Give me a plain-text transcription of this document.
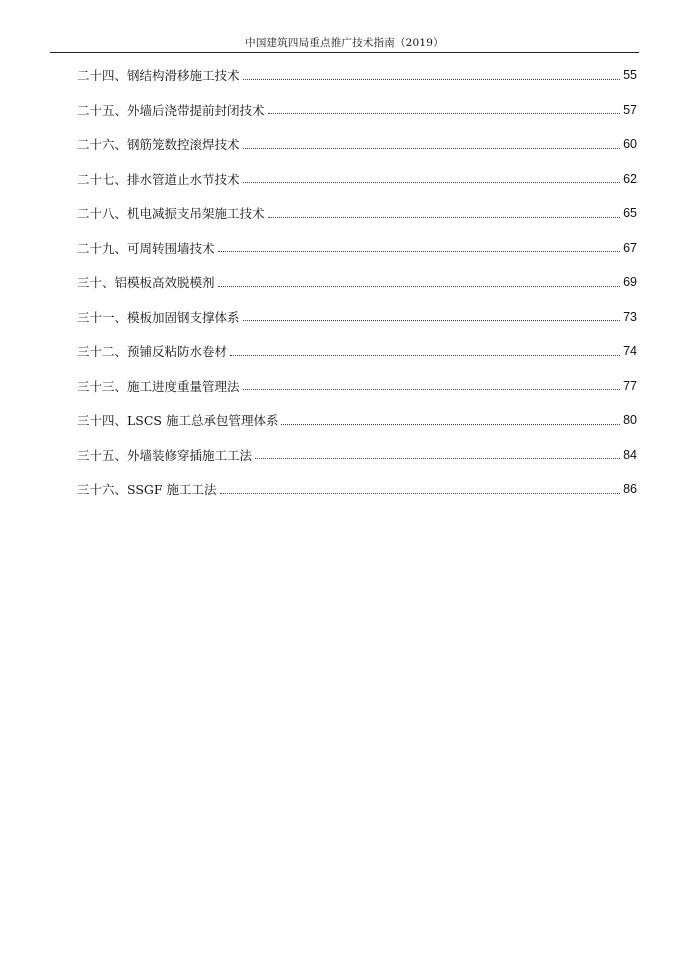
中国建筑四局重点推广技术指南（2019）
二十四、钢结构滑移施工技术	55
二十五、外墙后浇带提前封闭技术	57
二十六、钢筋笼数控滚焊技术	60
二十七、排水管道止水节技术	62
二十八、机电减振支吊架施工技术	65
二十九、可周转围墙技术	67
三十、铝模板高效脱模剂	69
三十一、模板加固钢支撑体系	73
三十二、预铺反粘防水卷材	74
三十三、施工进度重量管理法	77
三十四、LSCS 施工总承包管理体系	80
三十五、外墙装修穿插施工工法	84
三十六、SSGF 施工工法	86
